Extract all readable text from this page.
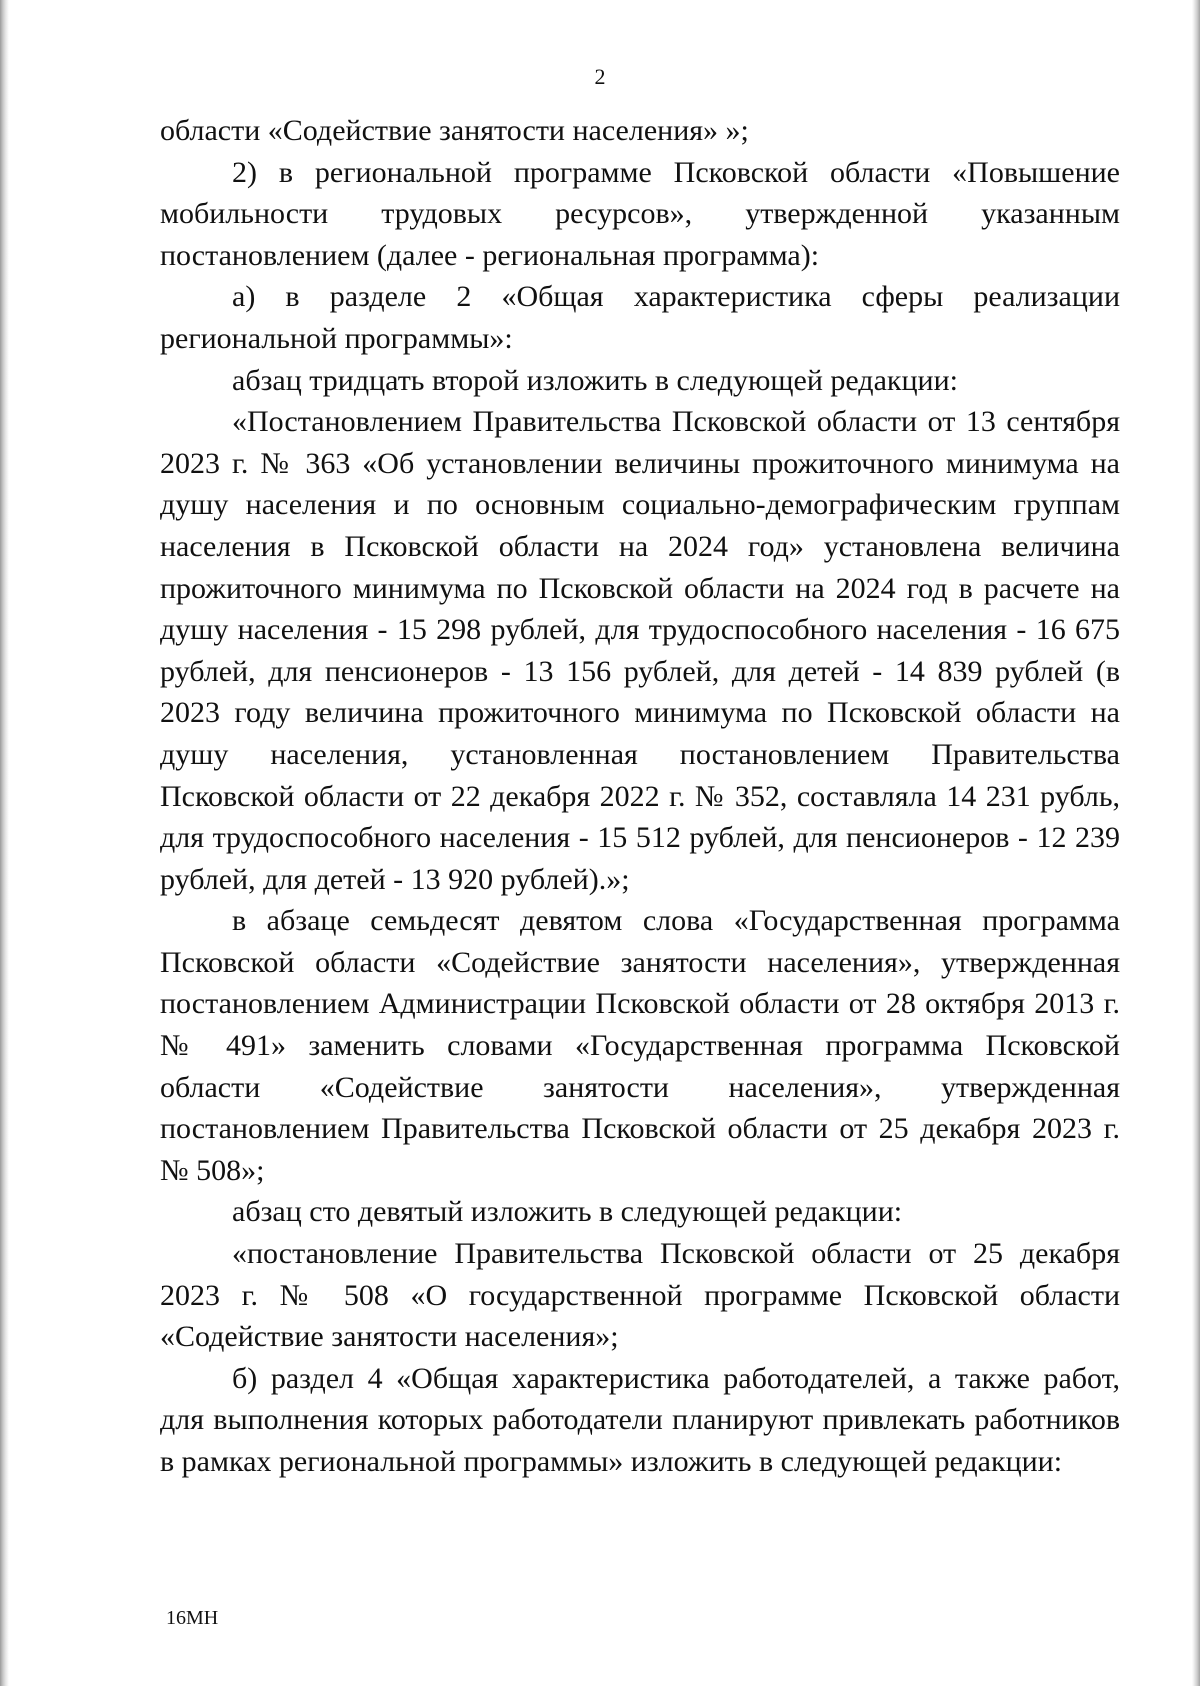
2

области «Содействие занятости населения» »;

2) в региональной программе Псковской области «Повышение мобильности трудовых ресурсов», утвержденной указанным постановлением (далее - региональная программа):

а) в разделе 2 «Общая характеристика сферы реализации региональной программы»:

абзац тридцать второй изложить в следующей редакции:

«Постановлением Правительства Псковской области от 13 сентября 2023 г. № 363 «Об установлении величины прожиточного минимума на душу населения и по основным социально-демографическим группам населения в Псковской области на 2024 год» установлена величина прожиточного минимума по Псковской области на 2024 год в расчете на душу населения - 15 298 рублей, для трудоспособного населения - 16 675 рублей, для пенсионеров - 13 156 рублей, для детей - 14 839 рублей (в 2023 году величина прожиточного минимума по Псковской области на душу населения, установленная постановлением Правительства Псковской области от 22 декабря 2022 г. № 352, составляла 14 231 рубль, для трудоспособного населения - 15 512 рублей, для пенсионеров - 12 239 рублей, для детей - 13 920 рублей).»;

в абзаце семьдесят девятом слова «Государственная программа Псковской области «Содействие занятости населения», утвержденная постановлением Администрации Псковской области от 28 октября 2013 г. № 491» заменить словами «Государственная программа Псковской области «Содействие занятости населения», утвержденная постановлением Правительства Псковской области от 25 декабря 2023 г. № 508»;

абзац сто девятый изложить в следующей редакции:

«постановление Правительства Псковской области от 25 декабря 2023 г. № 508 «О государственной программе Псковской области «Содействие занятости населения»;

б) раздел 4 «Общая характеристика работодателей, а также работ, для выполнения которых работодатели планируют привлекать работников в рамках региональной программы» изложить в следующей редакции:

16МН
